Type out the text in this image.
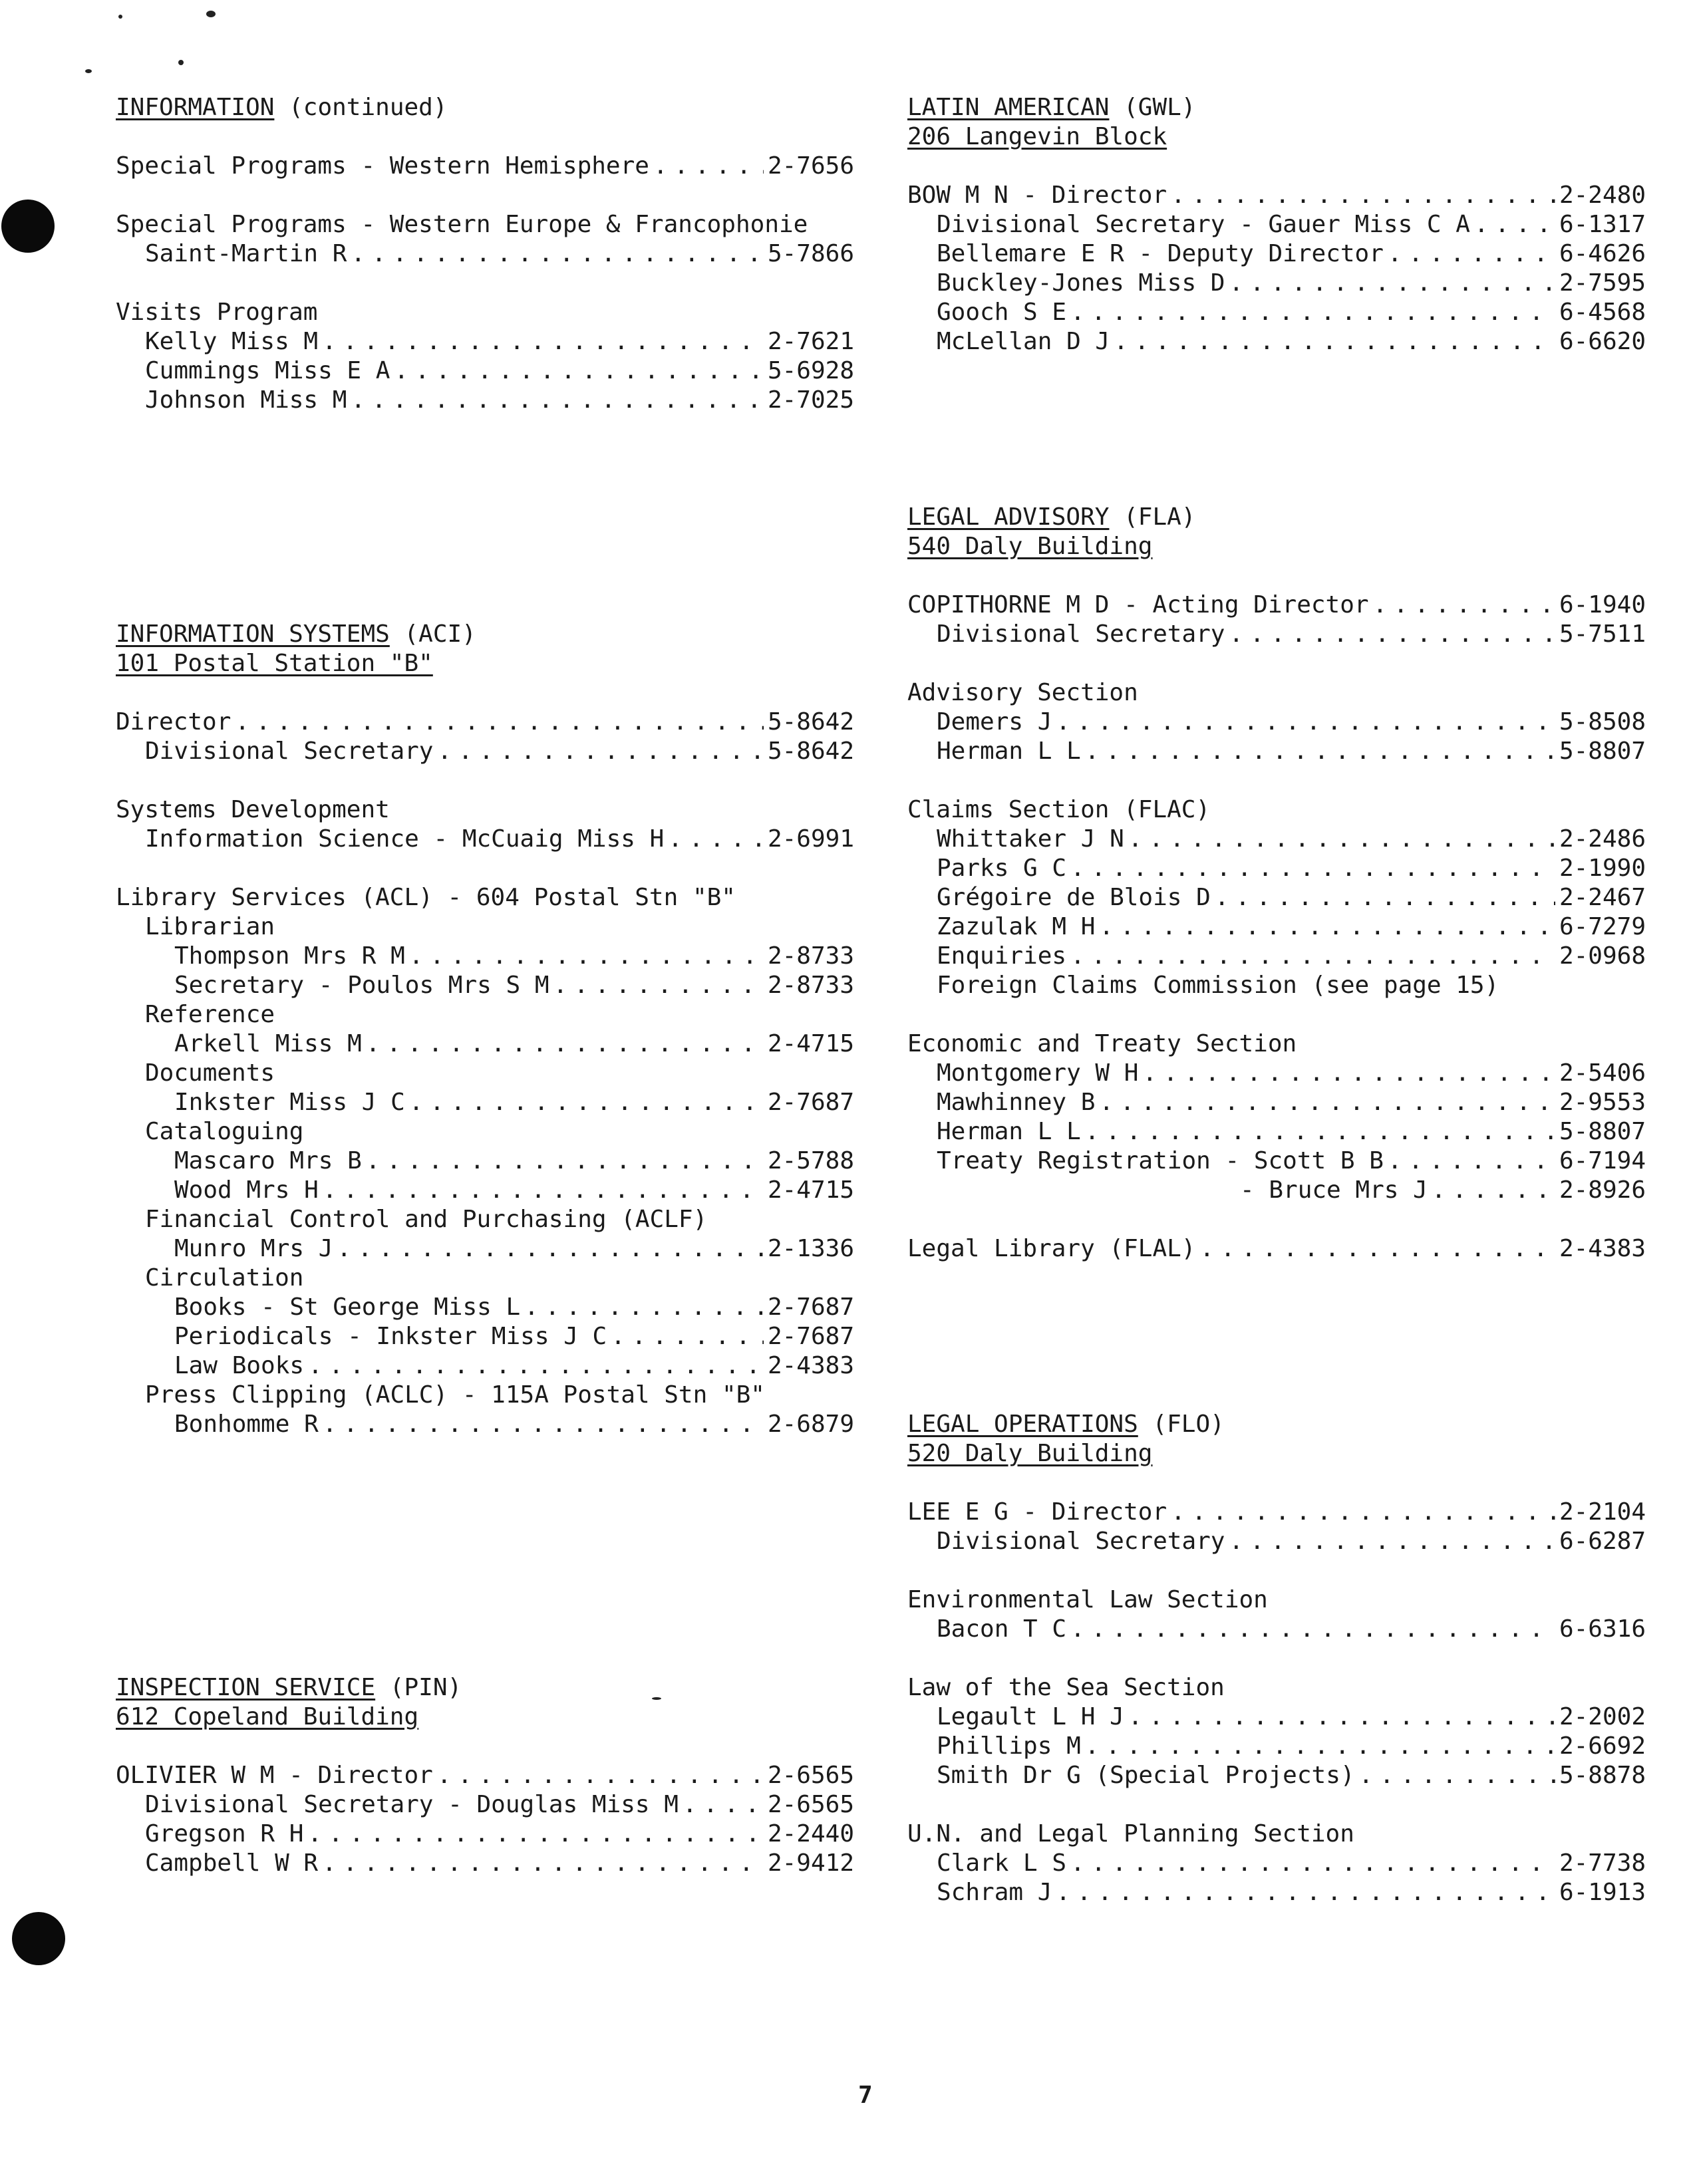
INFORMATION (continued)
Special Programs - Western Hemisphere . . .	2-7656
Special Programs - Western Europe & Francophonie
Saint-Martin R . . .	5-7866
Visits Program
Kelly Miss M . . .	2-7621
Cummings Miss E A . . .	5-6928
Johnson Miss M . . .	2-7025
INFORMATION SYSTEMS (ACI)
101 Postal Station "B"
Director . . .	5-8642
Divisional Secretary . . .	5-8642
Systems Development
Information Science - McCuaig Miss H . . .	2-6991
Library Services (ACL) - 604 Postal Stn "B"
Librarian
Thompson Mrs R M . . .	2-8733
Secretary - Poulos Mrs S M . . .	2-8733
Reference
Arkell Miss M . . .	2-4715
Documents
Inkster Miss J C . . .	2-7687
Cataloguing
Mascaro Mrs B . . .	2-5788
Wood Mrs H . . .	2-4715
Financial Control and Purchasing (ACLF)
Munro Mrs J . . .	2-1336
Circulation
Books - St George Miss L . . .	2-7687
Periodicals - Inkster Miss J C . . .	2-7687
Law Books . . .	2-4383
Press Clipping (ACLC) - 115A Postal Stn "B"
Bonhomme R . . .	2-6879
INSPECTION SERVICE (PIN)
612 Copeland Building
OLIVIER W M - Director . . .	2-6565
Divisional Secretary - Douglas Miss M . . .	2-6565
Gregson R H . . .	2-2440
Campbell W R . . .	2-9412
LATIN AMERICAN (GWL)
206 Langevin Block
BOW M N - Director . . .	2-2480
Divisional Secretary - Gauer Miss C A . . .	6-1317
Bellemare E R - Deputy Director . . .	6-4626
Buckley-Jones Miss D . . .	2-7595
Gooch S E . . .	6-4568
McLellan D J . . .	6-6620
LEGAL ADVISORY (FLA)
540 Daly Building
COPITHORNE M D - Acting Director . . .	6-1940
Divisional Secretary . . .	5-7511
Advisory Section
Demers J . . .	5-8508
Herman L L . . .	5-8807
Claims Section (FLAC)
Whittaker J N . . .	2-2486
Parks G C . . .	2-1990
Grégoire de Blois D . . .	2-2467
Zazulak M H . . .	6-7279
Enquiries . . .	2-0968
Foreign Claims Commission (see page 15)
Economic and Treaty Section
Montgomery W H . . .	2-5406
Mawhinney B . . .	2-9553
Herman L L . . .	5-8807
Treaty Registration - Scott B B . . .	6-7194
- Bruce Mrs J . . .	2-8926
Legal Library (FLAL) . . .	2-4383
LEGAL OPERATIONS (FLO)
520 Daly Building
LEE E G - Director . . .	2-2104
Divisional Secretary . . .	6-6287
Environmental Law Section
Bacon T C . . .	6-6316
Law of the Sea Section
Legault L H J . . .	2-2002
Phillips M . . .	2-6692
Smith Dr G (Special Projects) . . .	5-8878
U.N. and Legal Planning Section
Clark L S . . .	2-7738
Schram J . . .	6-1913
7
